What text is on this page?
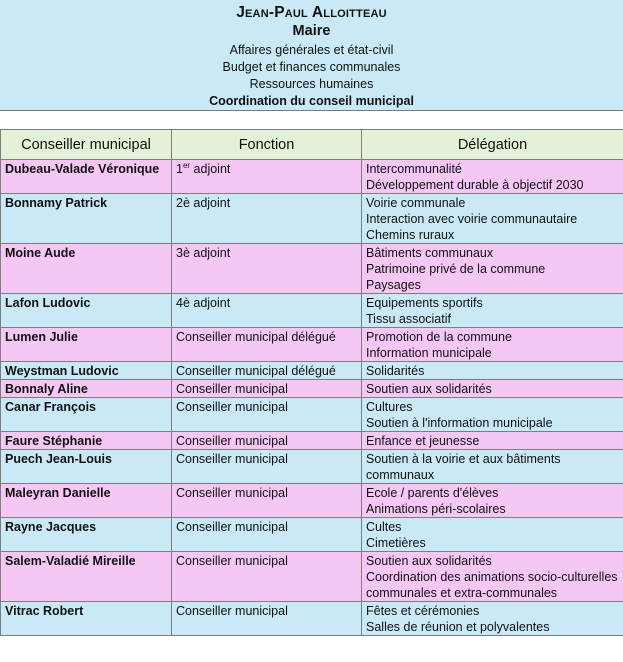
Jean-Paul Alloitteau
Maire
Affaires générales et état-civil
Budget et finances communales
Ressources humaines
Coordination du conseil municipal
Conseiller municipal	Fonction	Délégation
Dubeau-Valade Véronique	1er adjoint	Intercommunalité
Développement durable à objectif 2030

Bonnamy Patrick	2è adjoint	Voirie communale
Interaction avec voirie communautaire
Chemins ruraux

Moine Aude	3è adjoint	Bâtiments communaux
Patrimoine privé de la commune
Paysages

Lafon Ludovic	4è adjoint	Equipements sportifs
Tissu associatif

Lumen Julie	Conseiller municipal délégué	Promotion de la commune
Information municipale

Weystman Ludovic	Conseiller municipal délégué	Solidarités

Bonnaly Aline	Conseiller municipal	Soutien aux solidarités

Canar François	Conseiller municipal	Cultures
Soutien à l'information municipale

Faure Stéphanie	Conseiller municipal	Enfance et jeunesse

Puech Jean-Louis	Conseiller municipal	Soutien à la voirie et aux bâtiments communaux

Maleyran Danielle	Conseiller municipal	Ecole / parents d'élèves
Animations péri-scolaires

Rayne Jacques	Conseiller municipal	Cultes
Cimetières

Salem-Valadié Mireille	Conseiller municipal	Soutien aux solidarités
Coordination des animations socio-culturelles communales et extra-communales

Vitrac Robert	Conseiller municipal	Fêtes et cérémonies
Salles de réunion et polyvalentes
